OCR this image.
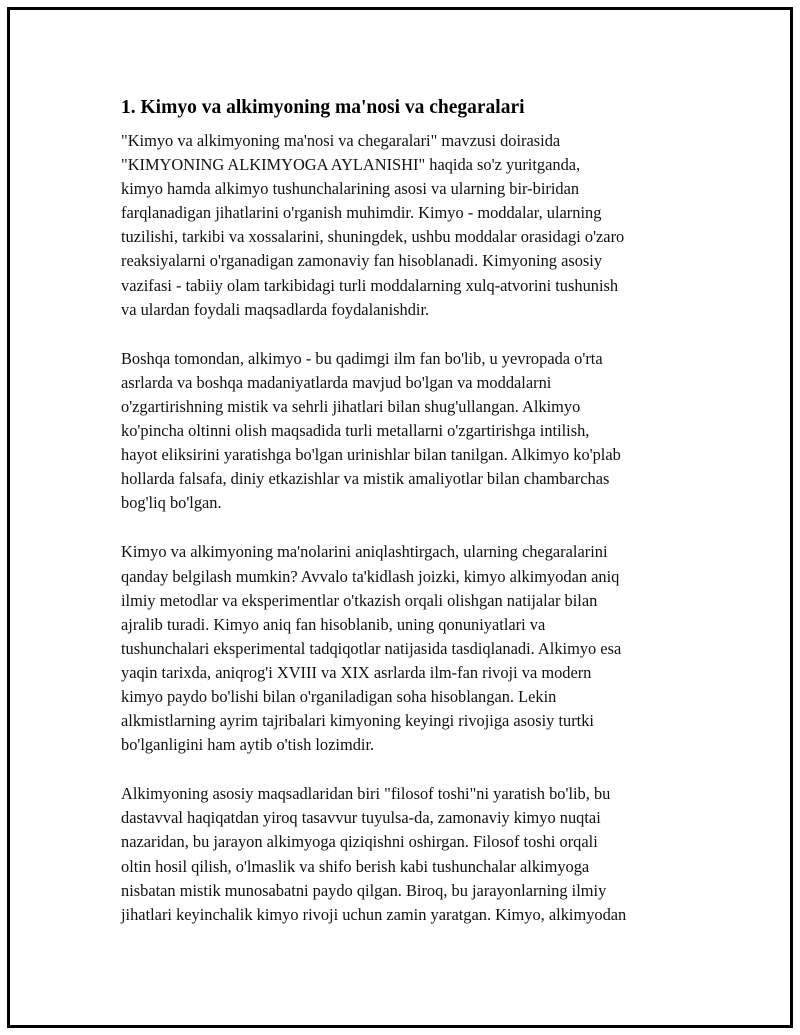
1. Kimyo va alkimyoning ma'nosi va chegaralari
"Kimyo va alkimyoning ma'nosi va chegaralari" mavzusi doirasida
"KIMYONING ALKIMYOGA AYLANISHI" haqida so'z yuritganda,
kimyo hamda alkimyo tushunchalarining asosi va ularning bir-biridan
farqlanadigan jihatlarini o'rganish muhimdir. Kimyo - moddalar, ularning
tuzilishi, tarkibi va xossalarini, shuningdek, ushbu moddalar orasidagi o'zaro
reaksiyalarni o'rganadigan zamonaviy fan hisoblanadi. Kimyoning asosiy
vazifasi - tabiiy olam tarkibidagi turli moddalarning xulq-atvorini tushunish
va ulardan foydali maqsadlarda foydalanishdir.
Boshqa tomondan, alkimyo - bu qadimgi ilm fan bo'lib, u yevropada o'rta
asrlarda va boshqa madaniyatlarda mavjud bo'lgan va moddalarni
o'zgartirishning mistik va sehrli jihatlari bilan shug'ullangan. Alkimyo
ko'pincha oltinni olish maqsadida turli metallarni o'zgartirishga intilish,
hayot eliksirini yaratishga bo'lgan urinishlar bilan tanilgan. Alkimyo ko'plab
hollarda falsafa, diniy etkazishlar va mistik amaliyotlar bilan chambarchas
bog'liq bo'lgan.
Kimyo va alkimyoning ma'nolarini aniqlashtirgach, ularning chegaralarini
qanday belgilash mumkin? Avvalo ta'kidlash joizki, kimyo alkimyodan aniq
ilmiy metodlar va eksperimentlar o'tkazish orqali olishgan natijalar bilan
ajralib turadi. Kimyo aniq fan hisoblanib, uning qonuniyatlari va
tushunchalari eksperimental tadqiqotlar natijasida tasdiqlanadi. Alkimyo esa
yaqin tarixda, aniqrog'i XVIII va XIX asrlarda ilm-fan rivoji va modern
kimyo paydo bo'lishi bilan o'rganiladigan soha hisoblangan. Lekin
alkmistlarning ayrim tajribalari kimyoning keyingi rivojiga asosiy turtki
bo'lganligini ham aytib o'tish lozimdir.
Alkimyoning asosiy maqsadlaridan biri "filosof toshi"ni yaratish bo'lib, bu
dastavval haqiqatdan yiroq tasavvur tuyulsa-da, zamonaviy kimyo nuqtai
nazaridan, bu jarayon alkimyoga qiziqishni oshirgan. Filosof toshi orqali
oltin hosil qilish, o'lmaslik va shifo berish kabi tushunchalar alkimyoga
nisbatan mistik munosabatni paydo qilgan. Biroq, bu jarayonlarning ilmiy
jihatlari keyinchalik kimyo rivoji uchun zamin yaratgan. Kimyo, alkimyodan
